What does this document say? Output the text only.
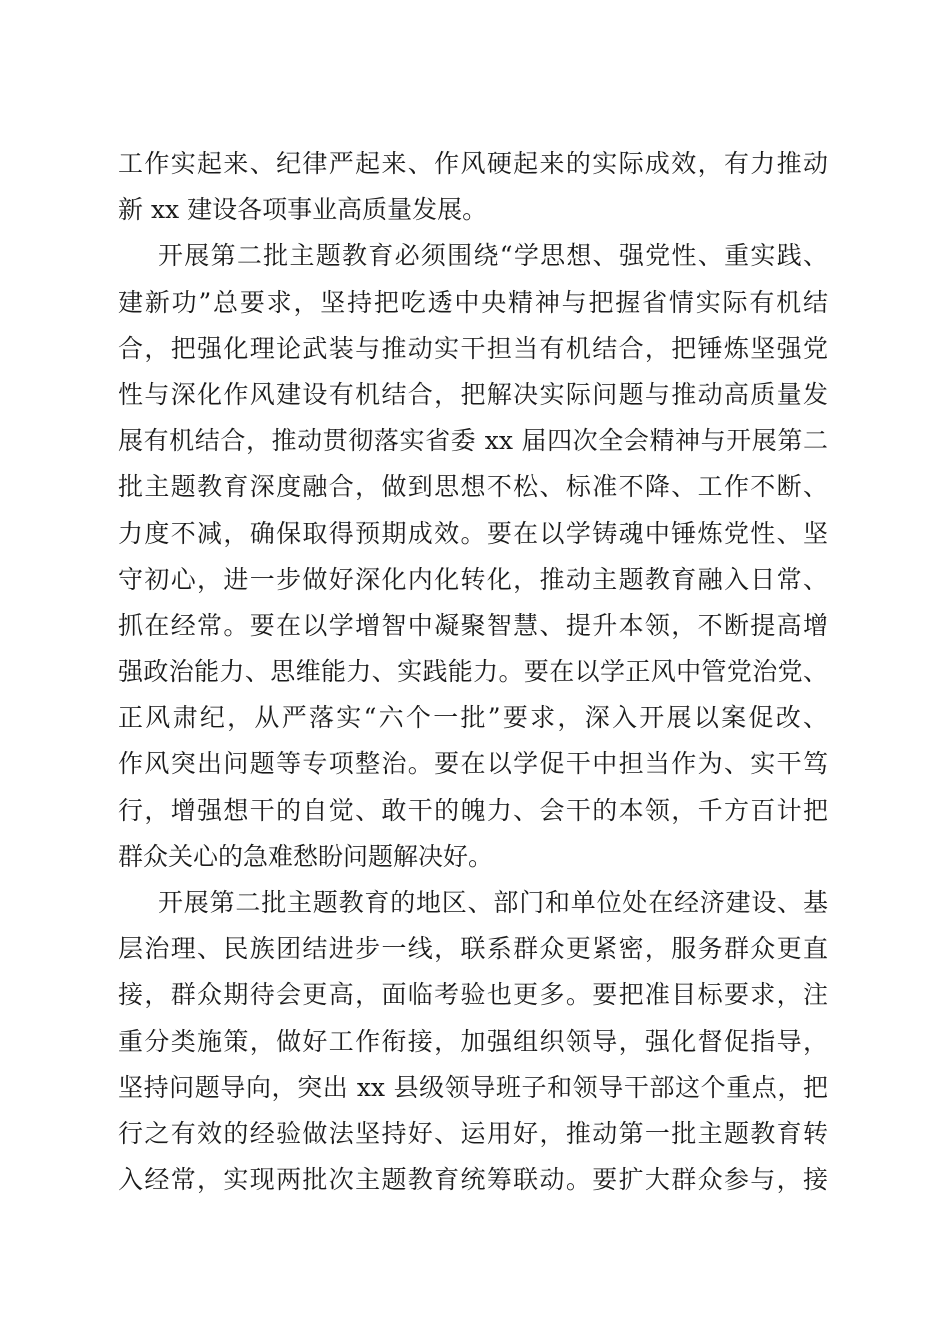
工作实起来、纪律严起来、作风硬起来的实际成效，有力推动
新 xx 建设各项事业高质量发展。
开展第二批主题教育必须围绕“学思想、强党性、重实践、
建新功”总要求，坚持把吃透中央精神与把握省情实际有机结
合，把强化理论武装与推动实干担当有机结合，把锤炼坚强党
性与深化作风建设有机结合，把解决实际问题与推动高质量发
展有机结合，推动贯彻落实省委 xx 届四次全会精神与开展第二
批主题教育深度融合，做到思想不松、标准不降、工作不断、
力度不减，确保取得预期成效。要在以学铸魂中锤炼党性、坚
守初心，进一步做好深化内化转化，推动主题教育融入日常、
抓在经常。要在以学增智中凝聚智慧、提升本领，不断提高增
强政治能力、思维能力、实践能力。要在以学正风中管党治党、
正风肃纪，从严落实“六个一批”要求，深入开展以案促改、
作风突出问题等专项整治。要在以学促干中担当作为、实干笃
行，增强想干的自觉、敢干的魄力、会干的本领，千方百计把
群众关心的急难愁盼问题解决好。
开展第二批主题教育的地区、部门和单位处在经济建设、基
层治理、民族团结进步一线，联系群众更紧密，服务群众更直
接，群众期待会更高，面临考验也更多。要把准目标要求，注
重分类施策，做好工作衔接，加强组织领导，强化督促指导，
坚持问题导向，突出 xx 县级领导班子和领导干部这个重点，把
行之有效的经验做法坚持好、运用好，推动第一批主题教育转
入经常，实现两批次主题教育统筹联动。要扩大群众参与，接
